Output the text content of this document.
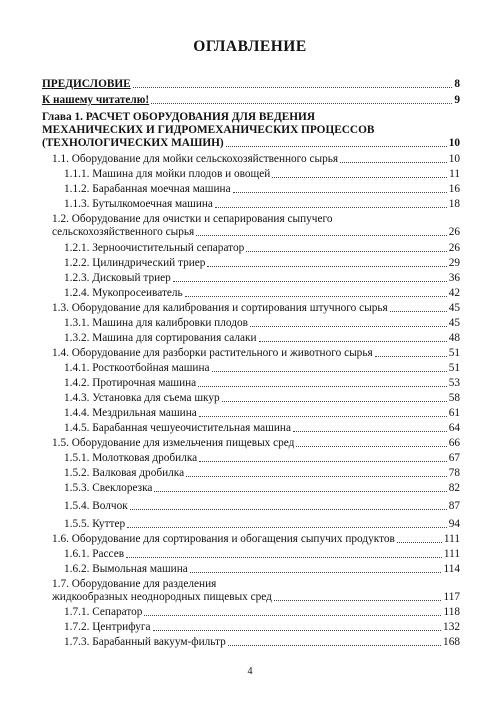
ОГЛАВЛЕНИЕ
ПРЕДИСЛОВИЕ	8
К нашему читателю!	9
Глава 1. РАСЧЕТ ОБОРУДОВАНИЯ ДЛЯ ВЕДЕНИЯ
МЕХАНИЧЕСКИХ И ГИДРОМЕХАНИЧЕСКИХ ПРОЦЕССОВ
(ТЕХНОЛОГИЧЕСКИХ МАШИН)	10
1.1. Оборудование для мойки сельскохозяйственного сырья	10
1.1.1. Машина для мойки плодов и овощей	11
1.1.2. Барабанная моечная машина	16
1.1.3. Бутылкомоечная машина	18
1.2. Оборудование для очистки и сепарирования сыпучего
сельскохозяйственного сырья	26
1.2.1. Зерноочистительный сепаратор	26
1.2.2. Цилиндрический триер	29
1.2.3. Дисковый триер	36
1.2.4. Мукопросеиватель	42
1.3. Оборудование для калибрования и сортирования штучного сырья	45
1.3.1. Машина для калибровки плодов	45
1.3.2. Машина для сортирования салаки	48
1.4. Оборудование для разборки растительного и животного сырья	51
1.4.1. Росткоотбойная машина	51
1.4.2. Протирочная машина	53
1.4.3. Установка для съема шкур	58
1.4.4. Мездрильная машина	61
1.4.5. Барабанная чешуеочистительная машина	64
1.5. Оборудование для измельчения пищевых сред	66
1.5.1. Молотковая дробилка	67
1.5.2. Валковая дробилка	78
1.5.3. Свеклорезка	82
1.5.4. Волчок	87
1.5.5. Куттер	94
1.6. Оборудование для сортирования и обогащения сыпучих продуктов	111
1.6.1. Рассев	111
1.6.2. Вымольная машина	114
1.7. Оборудование для разделения
жидкообразных неоднородных пищевых сред	117
1.7.1. Сепаратор	118
1.7.2. Центрифуга	132
1.7.3. Барабанный вакуум-фильтр	168
4
